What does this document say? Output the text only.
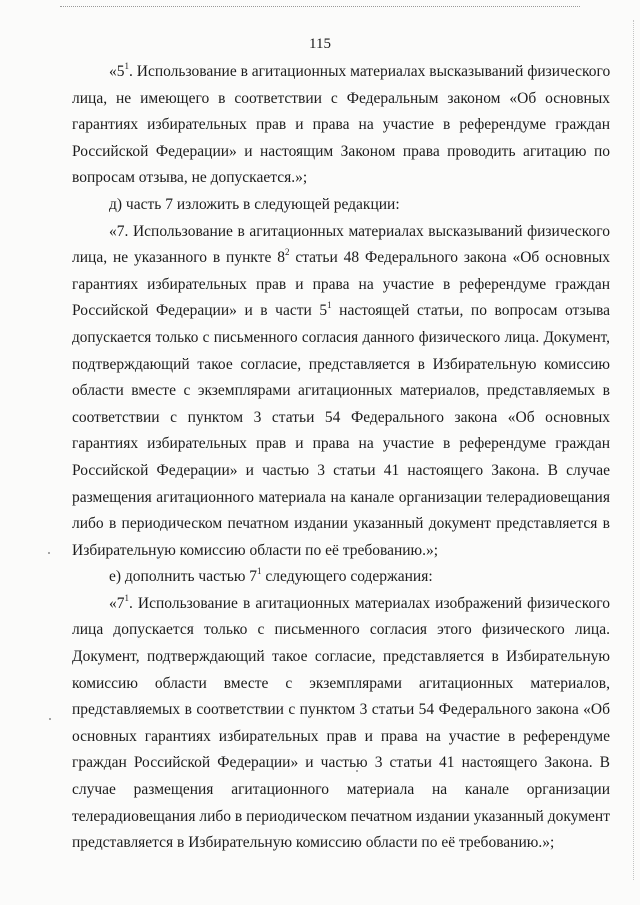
115
«$5^1$. Использование в агитационных материалах высказываний физического
лица, не имеющего в соответствии с Федеральным законом «Об основных
гарантиях избирательных прав и права на участие в референдуме граждан
Российской Федерации» и настоящим Законом права проводить агитацию по
вопросам отзыва, не допускается.»;
д) часть 7 изложить в следующей редакции:
«7. Использование в агитационных материалах высказываний физического
лица, не указанного в пункте $8^2$ статьи 48 Федерального закона «Об основных
гарантиях избирательных прав и права на участие в референдуме граждан
Российской Федерации» и в части $5^1$ настоящей статьи, по вопросам отзыва
допускается только с письменного согласия данного физического лица. Документ,
подтверждающий такое согласие, представляется в Избирательную комиссию
области вместе с экземплярами агитационных материалов, представляемых в
соответствии с пунктом 3 статьи 54 Федерального закона «Об основных
гарантиях избирательных прав и права на участие в референдуме граждан
Российской Федерации» и частью 3 статьи 41 настоящего Закона. В случае
размещения агитационного материала на канале организации телерадиовещания
либо в периодическом печатном издании указанный документ представляется в
Избирательную комиссию области по её требованию.»;
е) дополнить частью $7^1$ следующего содержания:
«$7^1$. Использование в агитационных материалах изображений физического
лица допускается только с письменного согласия этого физического лица.
Документ, подтверждающий такое согласие, представляется в Избирательную
комиссию области вместе с экземплярами агитационных материалов,
представляемых в соответствии с пунктом 3 статьи 54 Федерального закона «Об
основных гарантиях избирательных прав и права на участие в референдуме
граждан Российской Федерации» и частью 3 статьи 41 настоящего Закона. В
случае размещения агитационного материала на канале организации
телерадиовещания либо в периодическом печатном издании указанный документ
представляется в Избирательную комиссию области по её требованию.»;
